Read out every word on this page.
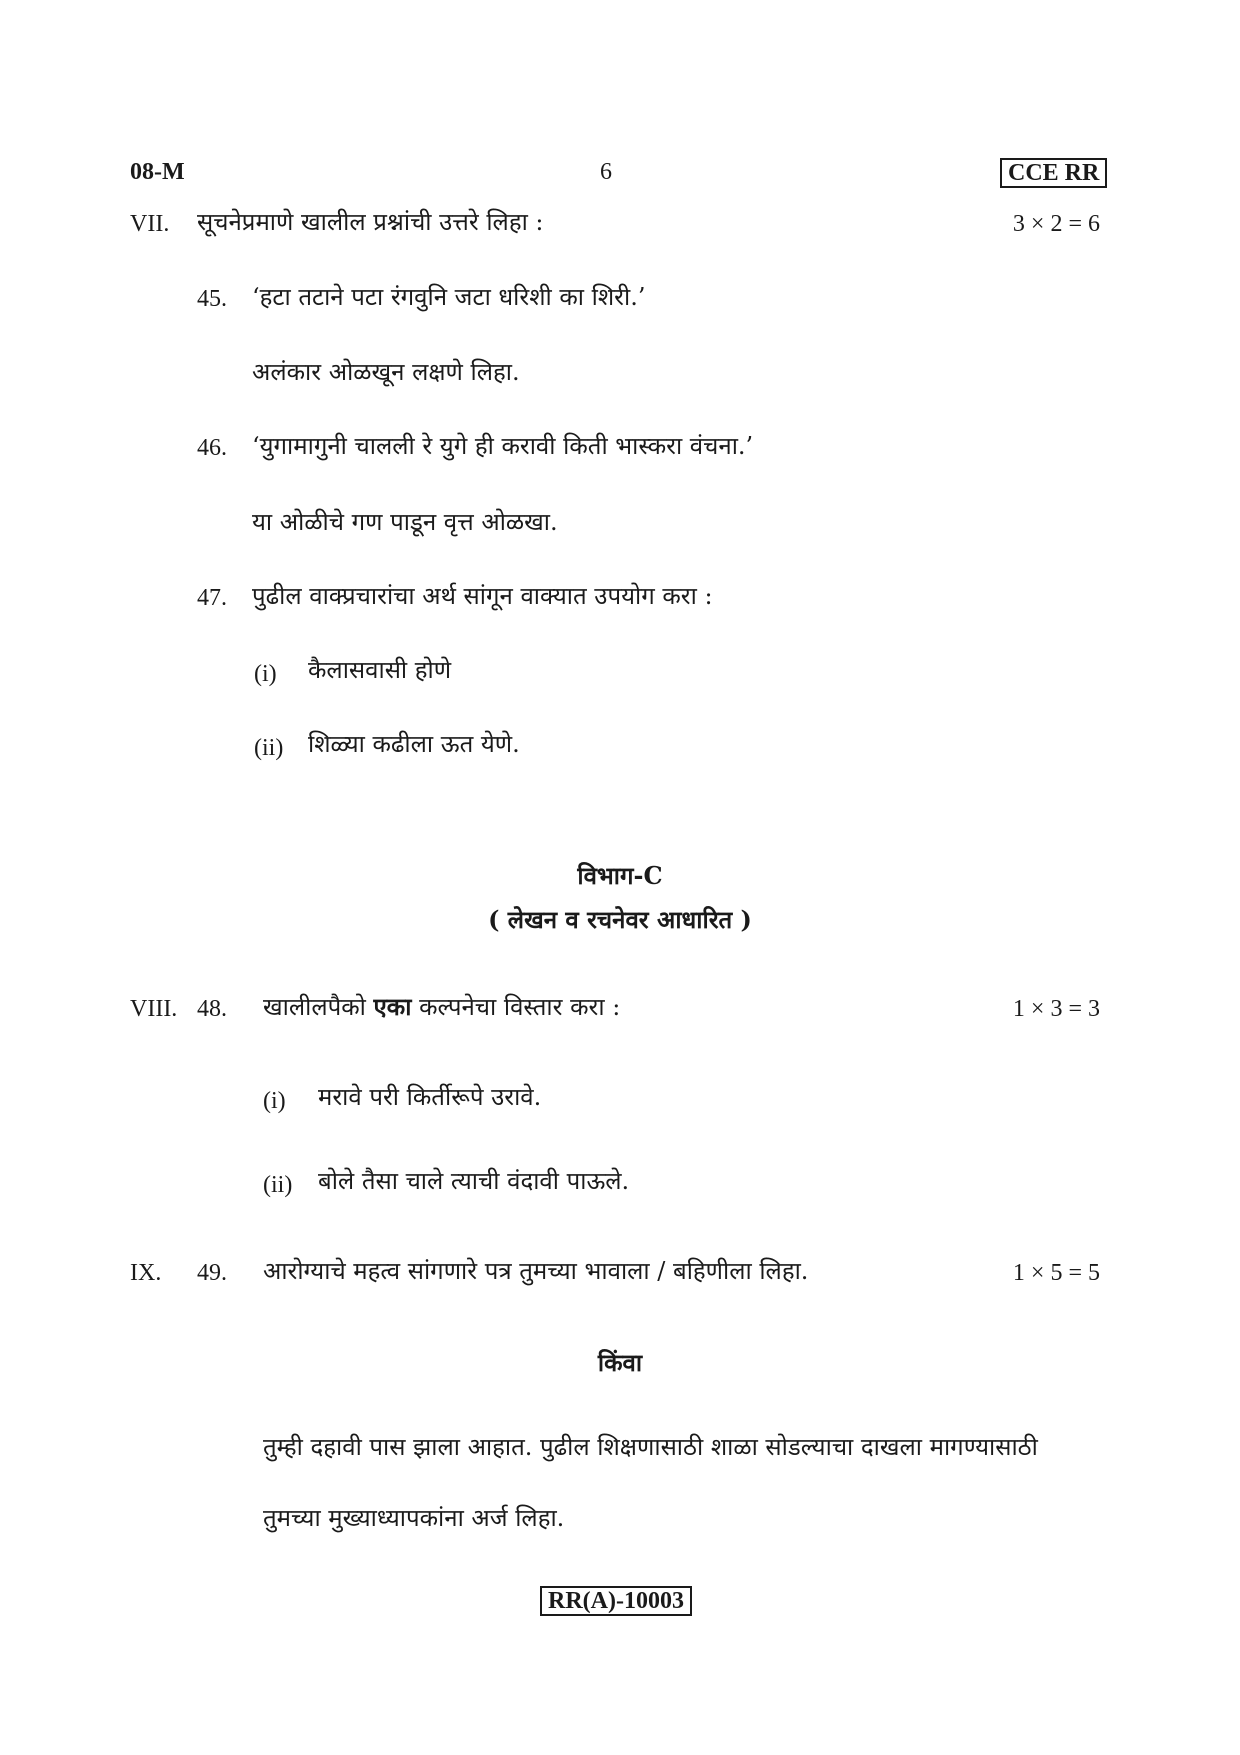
08-M	6	CCE RR
VII. सूचनेप्रमाणे खालील प्रश्नांची उत्तरे लिहा :	3 × 2 = 6
45. ‘हटा तटाने पटा रंगवुनि जटा धरिशी का शिरी.’
अलंकार ओळखून लक्षणे लिहा.
46. ‘युगामागुनी चालली रे युगे ही करावी किती भास्करा वंचना.’
या ओळीचे गण पाडून वृत्त ओळखा.
47. पुढील वाक्प्रचारांचा अर्थ सांगून वाक्यात उपयोग करा :
(i) कैलासवासी होणे
(ii) शिळ्या कढीला ऊत येणे.
विभाग-C
( लेखन व रचनेवर आधारित )
VIII. 48. खालीलपैको एका कल्पनेचा विस्तार करा :	1 × 3 = 3
(i) मरावे परी किर्तीरूपे उरावे.
(ii) बोले तैसा चाले त्याची वंदावी पाऊले.
IX. 49. आरोग्याचे महत्व सांगणारे पत्र तुमच्या भावाला / बहिणीला लिहा.	1 × 5 = 5
किंवा
तुम्ही दहावी पास झाला आहात. पुढील शिक्षणासाठी शाळा सोडल्याचा दाखला मागण्यासाठी
तुमच्या मुख्याध्यापकांना अर्ज लिहा.
RR(A)-10003
